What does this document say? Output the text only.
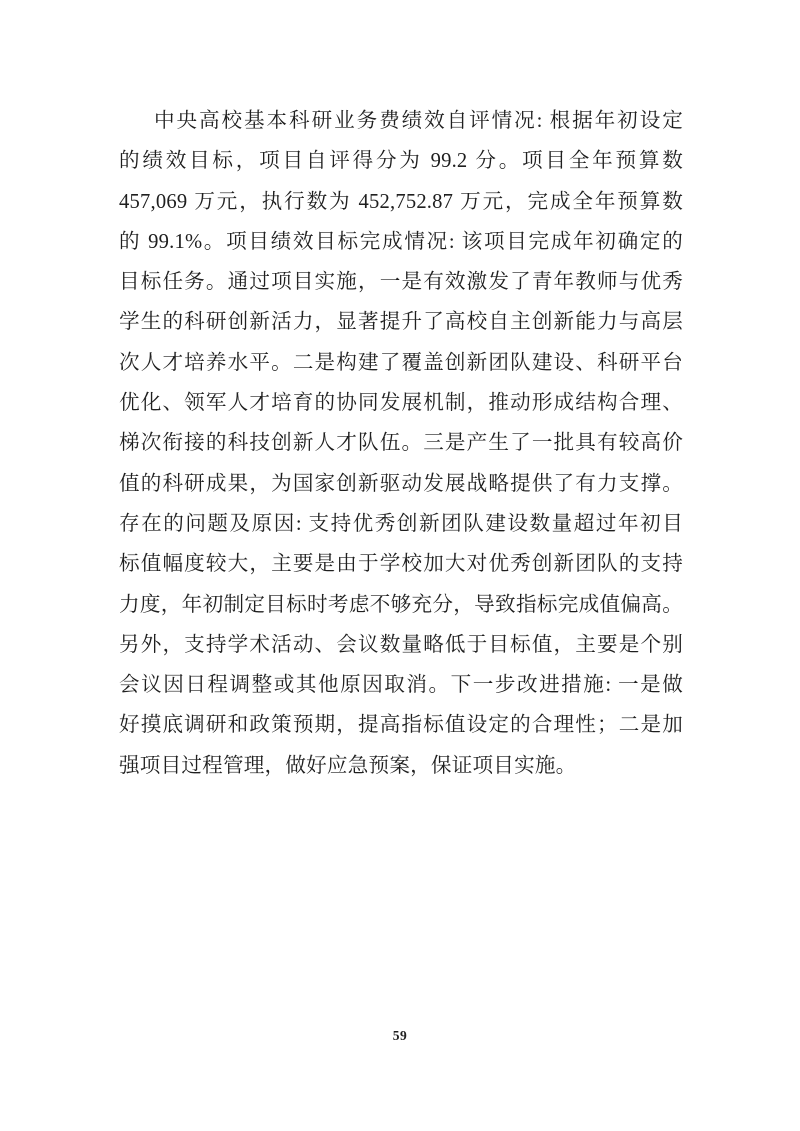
中央高校基本科研业务费绩效自评情况: 根据年初设定
的绩效目标，项目自评得分为 99.2 分。项目全年预算数
457,069 万元，执行数为 452,752.87 万元，完成全年预算数
的 99.1%。项目绩效目标完成情况: 该项目完成年初确定的
目标任务。通过项目实施，一是有效激发了青年教师与优秀
学生的科研创新活力，显著提升了高校自主创新能力与高层
次人才培养水平。二是构建了覆盖创新团队建设、科研平台
优化、领军人才培育的协同发展机制，推动形成结构合理、
梯次衔接的科技创新人才队伍。三是产生了一批具有较高价
值的科研成果，为国家创新驱动发展战略提供了有力支撑。
存在的问题及原因: 支持优秀创新团队建设数量超过年初目
标值幅度较大，主要是由于学校加大对优秀创新团队的支持
力度，年初制定目标时考虑不够充分，导致指标完成值偏高。
另外，支持学术活动、会议数量略低于目标值，主要是个别
会议因日程调整或其他原因取消。下一步改进措施: 一是做
好摸底调研和政策预期，提高指标值设定的合理性；二是加
强项目过程管理，做好应急预案，保证项目实施。
59
